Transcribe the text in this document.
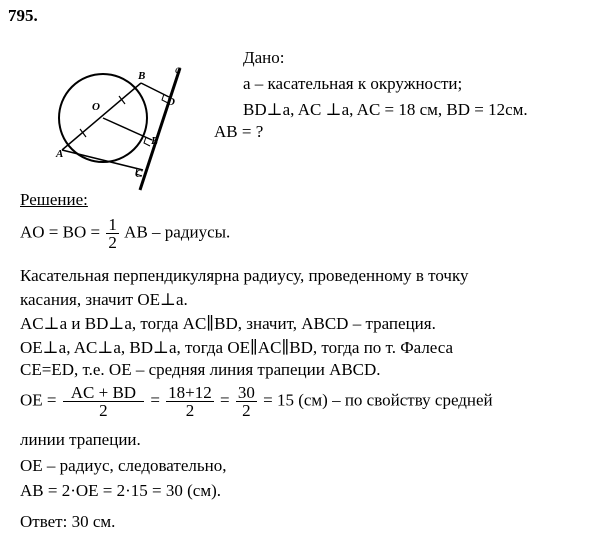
795.
a
B
D
O
E
A
C
Дано:
a – касательная к окружности;
BD⊥a, AC ⊥a, AC = 18 см, BD = 12см.
AB = ?
Решение:
AO = BO = $\frac{1}{2}$ AB – радиусы.
Касательная перпендикулярна радиусу, проведенному в точку
касания, значит OE⊥a.
AC⊥a и BD⊥a, тогда AC∥BD, значит, ABCD – трапеция.
OE⊥a, AC⊥a, BD⊥a, тогда OE∥AC∥BD, тогда по т. Фалеса
CE=ED, т.е. OE – средняя линия трапеции ABCD.
OE = $\frac{AC + BD}{2} = \frac{18+12}{2} = \frac{30}{2} = 15$ (см) – по свойству средней
линии трапеции.
OE – радиус, следовательно,
AB = 2·OE = 2·15 = 30 (см).
Ответ: 30 см.
